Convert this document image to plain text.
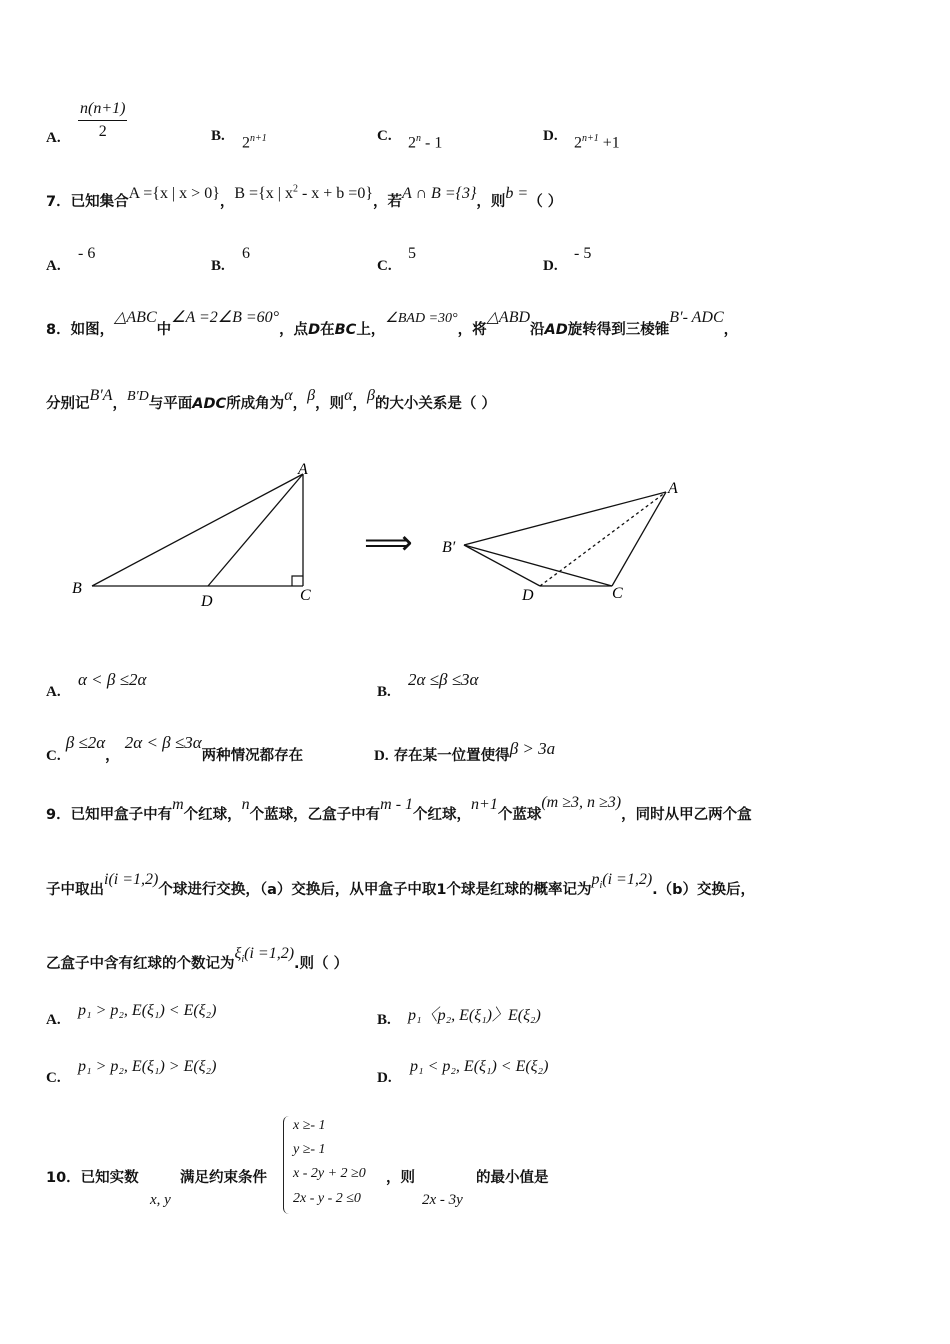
A. $\frac{n(n+1)}{2}$	B. $2^{n+1}$	C. 2$^n$ - 1	D. $2^{n+1} +1$
7．已知集合A ={x | x > 0}，B ={x | $x^2 - x + b =0$}，若A ∩ B ={3}，则b =（ ）
A.
- 6
B.
6
C.
5
D.
- 5
8．如图，△ABC中∠A =2∠B =60°，点D在BC上，∠BAD =30°，将△ABD沿AD旋转得到三棱锥B′- ADC，
分别记B′A，B′D与平面ADC所成角为α，β，则α，β的大小关系是（ ）
A
B
D	C
⟹
A
B′
D	C
A.
α < β ≤2α
B.
2α ≤β ≤3α
C. β ≤2α， 2α < β ≤3α两种情况都存在	D. 存在某一位置使得β > 3a
9．已知甲盒子中有m个红球，n个蓝球，乙盒子中有m - 1个红球，n+1个蓝球(m ≥3, n ≥3)，同时从甲乙两个盒
子中取出i(i =1,2)个球进行交换，（a）交换后，从甲盒子中取1个球是红球的概率记为$p_i(i =1,2).(b)$交换后，
乙盒子中含有红球的个数记为$\xi_i(i =1,2)$.则（ ）
A.
p₁ > p₂, E(ξ₁) < E(ξ₂)
B. p₁〈p₂, E(ξ₁)〉E(ξ₂)
C.
p₁ > p₂, E(ξ₁) > E(ξ₂)
D.
p₁ < p₂, E(ξ₁) < E(ξ₂)
10．已知实数
x, y
满足约束条件
x ≥- 1
y ≥- 1
x - 2y + 2 ≥0
2x - y - 2 ≤0
，则
2x - 3y
的最小值是
